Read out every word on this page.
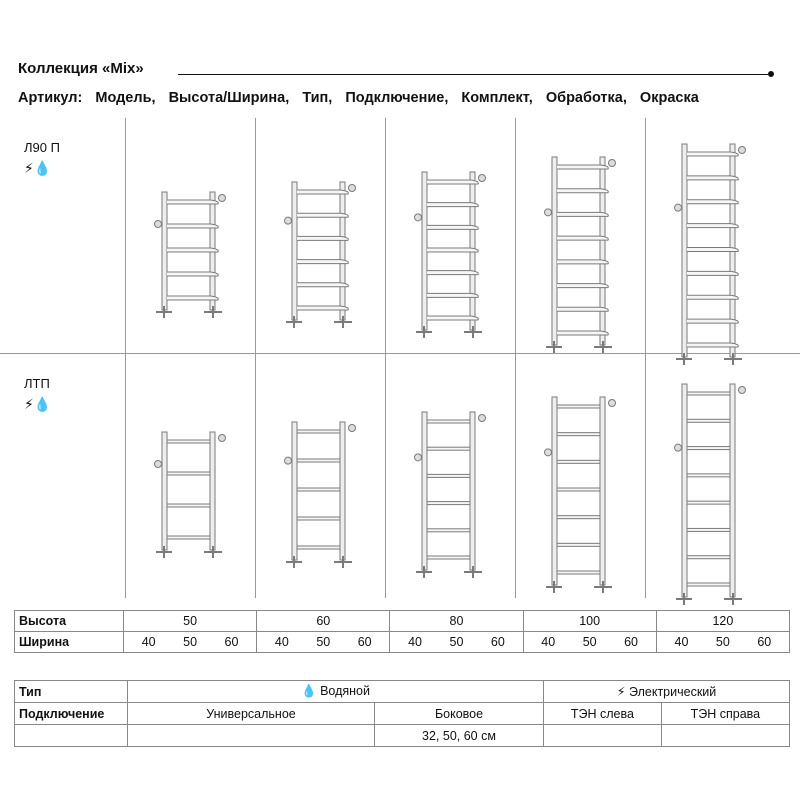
Коллекция «Mix»
Артикул: Модель, Высота/Ширина, Тип, Подключение, Комплект, Обработка, Окраска
Л90 П
⚡💧
ЛТП
⚡💧
Высота	50	60	80	100	120
Ширина	40 50 60	40 50 60	40 50 60	40 50 60	40 50 60
Тип	💧 Водяной		⚡ Электрический	
Подключение	Универсальное	Боковое	ТЭН слева	ТЭН справа
		32, 50, 60 см		
